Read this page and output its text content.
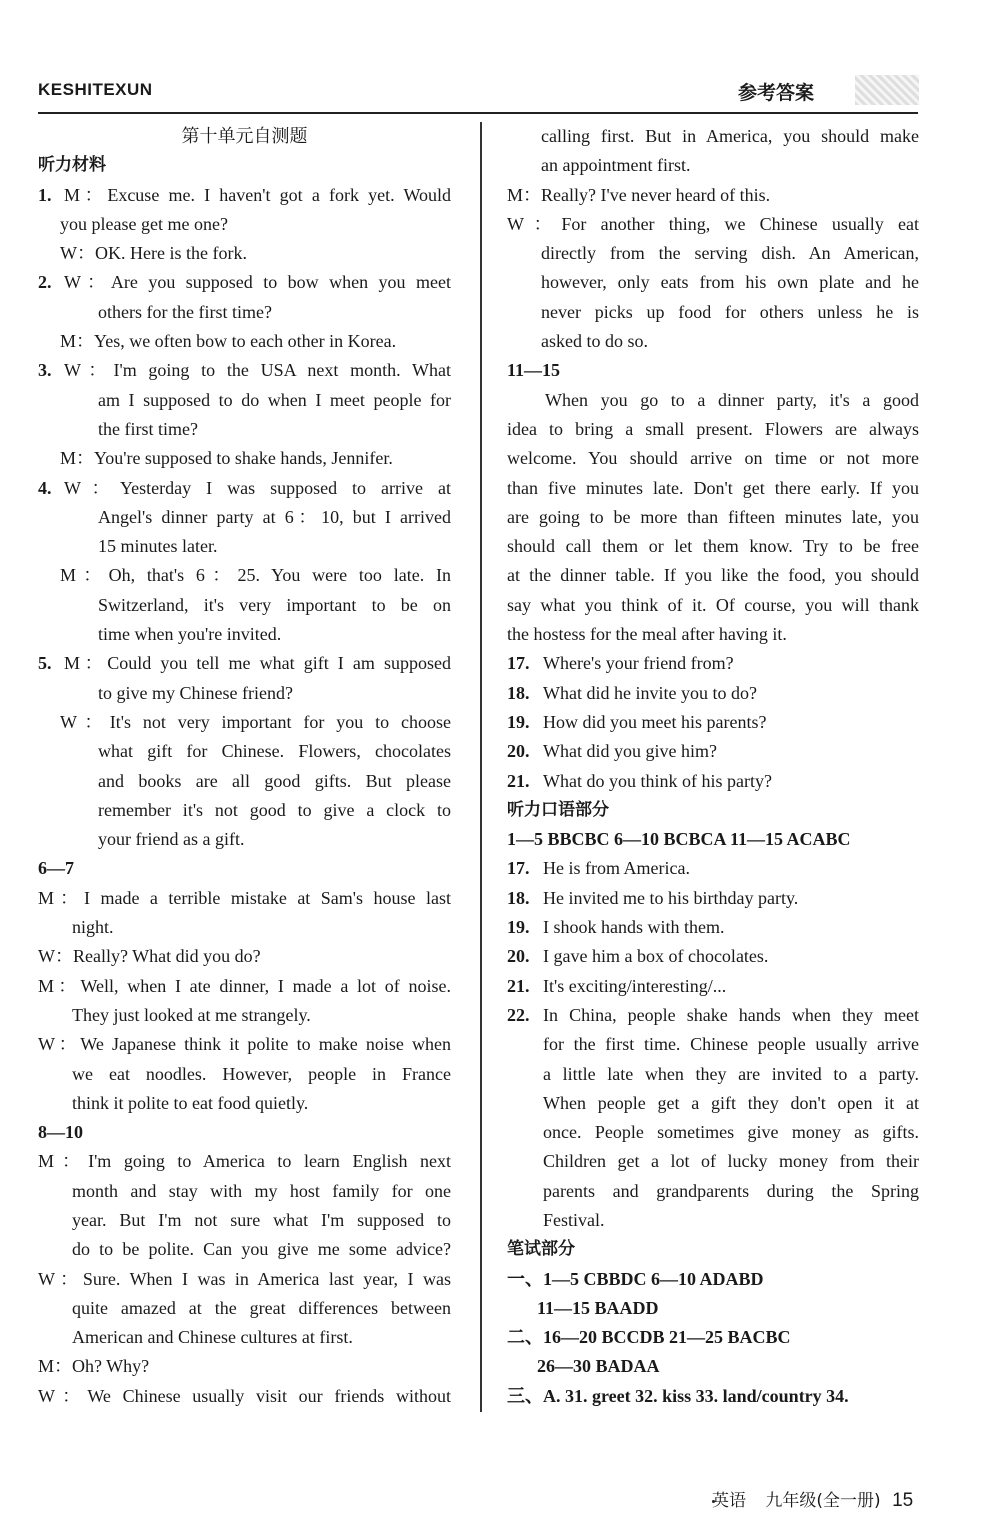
KESHITEXUN	参考答案
第十单元自测题
听力材料
1. M：Excuse me. I haven't got a fork yet. Would
you please get me one?
W：OK. Here is the fork.
2. W：Are you supposed to bow when you meet
others for the first time?
M：Yes, we often bow to each other in Korea.
3. W：I'm going to the USA next month. What
am I supposed to do when I meet people for
the first time?
M：You're supposed to shake hands, Jennifer.
4. W：Yesterday I was supposed to arrive at
Angel's dinner party at 6：10, but I arrived
15 minutes later.
M：Oh, that's 6：25. You were too late. In
Switzerland, it's very important to be on
time when you're invited.
5. M：Could you tell me what gift I am supposed
to give my Chinese friend?
W：It's not very important for you to choose
what gift for Chinese. Flowers, chocolates
and books are all good gifts. But please
remember it's not good to give a clock to
your friend as a gift.
6—7
M：I made a terrible mistake at Sam's house last
night.
W：Really? What did you do?
M：Well, when I ate dinner, I made a lot of noise.
They just looked at me strangely.
W：We Japanese think it polite to make noise when
we eat noodles. However, people in France
think it polite to eat food quietly.
8—10
M：I'm going to America to learn English next
month and stay with my host family for one
year. But I'm not sure what I'm supposed to
do to be polite. Can you give me some advice?
W：Sure. When I was in America last year, I was
quite amazed at the great differences between
American and Chinese cultures at first.
M：Oh? Why?
W：We Chinese usually visit our friends without
calling first. But in America, you should make
an appointment first.
M：Really? I've never heard of this.
W：For another thing, we Chinese usually eat
directly from the serving dish. An American,
however, only eats from his own plate and he
never picks up food for others unless he is
asked to do so.
11—15
When you go to a dinner party, it's a good
idea to bring a small present. Flowers are always
welcome. You should arrive on time or not more
than five minutes late. Don't get there early. If you
are going to be more than fifteen minutes late, you
should call them or let them know. Try to be free
at the dinner table. If you like the food, you should
say what you think of it. Of course, you will thank
the hostess for the meal after having it.
17. Where's your friend from?
18. What did he invite you to do?
19. How did you meet his parents?
20. What did you give him?
21. What do you think of his party?
听力口语部分
1—5 BBCBC 6—10 BCBCA 11—15 ACABC
17. He is from America.
18. He invited me to his birthday party.
19. I shook hands with them.
20. I gave him a box of chocolates.
21. It's exciting/interesting/...
22. In China, people shake hands when they meet
for the first time. Chinese people usually arrive
a little late when they are invited to a party.
When people get a gift they don't open it at
once. People sometimes give money as gifts.
Children get a lot of lucky money from their
parents and grandparents during the Spring
Festival.
笔试部分
一、1—5 CBBDC 6—10 ADABD
11—15 BAADD
二、16—20 BCCDB 21—25 BACBC
26—30 BADAA
三、A. 31. greet 32. kiss 33. land/country 34.
英语 九年级(全一册) 15
